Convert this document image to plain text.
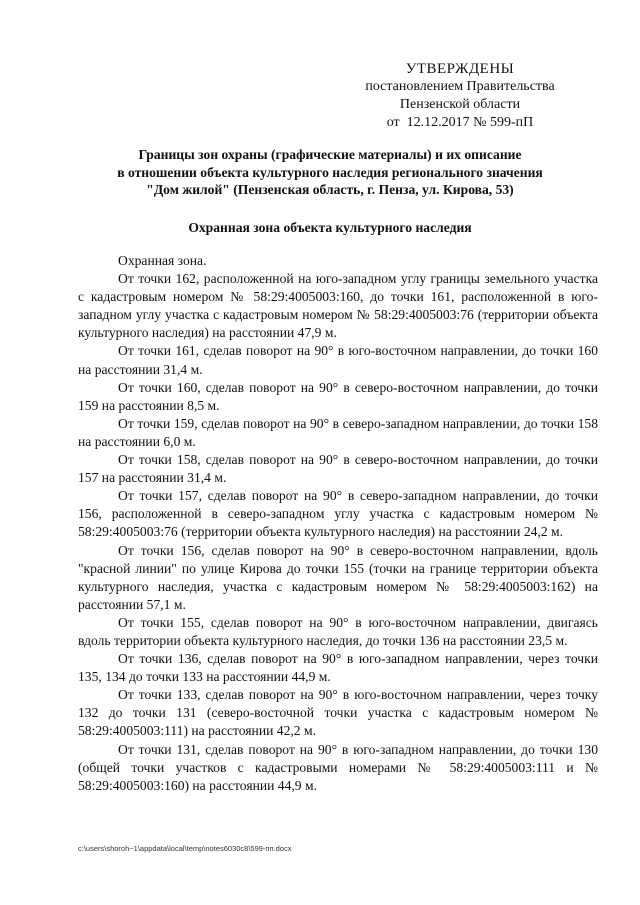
УТВЕРЖДЕНЫ
постановлением Правительства
Пензенской области
от  12.12.2017 № 599-пП
Границы зон охраны (графические материалы) и их описание
в отношении объекта культурного наследия регионального значения
"Дом жилой" (Пензенская область, г. Пенза, ул. Кирова, 53)
Охранная зона объекта культурного наследия

Охранная зона.

От точки 162, расположенной на юго-западном углу границы земельного участка с кадастровым номером № 58:29:4005003:160, до точки 161, расположенной в юго-западном углу участка с кадастровым номером № 58:29:4005003:76 (территории объекта культурного наследия) на расстоянии 47,9 м.

От точки 161, сделав поворот на 90° в юго-восточном направлении, до точки 160 на расстоянии 31,4 м.

От точки 160, сделав поворот на 90° в северо-восточном направлении, до точки 159 на расстоянии 8,5 м.

От точки 159, сделав поворот на 90° в северо-западном направлении, до точки 158 на расстоянии 6,0 м.

От точки 158, сделав поворот на 90° в северо-восточном направлении, до точки 157 на расстоянии 31,4 м.

От точки 157, сделав поворот на 90° в северо-западном направлении, до точки 156, расположенной в северо-западном углу участка с кадастровым номером № 58:29:4005003:76 (территории объекта культурного наследия) на расстоянии 24,2 м.

От точки 156, сделав поворот на 90° в северо-восточном направлении, вдоль "красной линии" по улице Кирова до точки 155 (точки на границе территории объекта культурного наследия, участка с кадастровым номером № 58:29:4005003:162) на расстоянии 57,1 м.

От точки 155, сделав поворот на 90° в юго-восточном направлении, двигаясь вдоль территории объекта культурного наследия, до точки 136 на расстоянии 23,5 м.

От точки 136, сделав поворот на 90° в юго-западном направлении, через точки 135, 134 до точки 133 на расстоянии 44,9 м.

От точки 133, сделав поворот на 90° в юго-восточном направлении, через точку 132 до точки 131 (северо-восточной точки участка с кадастровым номером № 58:29:4005003:111) на расстоянии 42,2 м.

От точки 131, сделав поворот на 90° в юго-западном направлении, до точки 130 (общей точки участков с кадастровыми номерами № 58:29:4005003:111 и № 58:29:4005003:160) на расстоянии 44,9 м.

c:\users\shoroh~1\appdata\local\temp\notes6030c8\599-пп.docx
